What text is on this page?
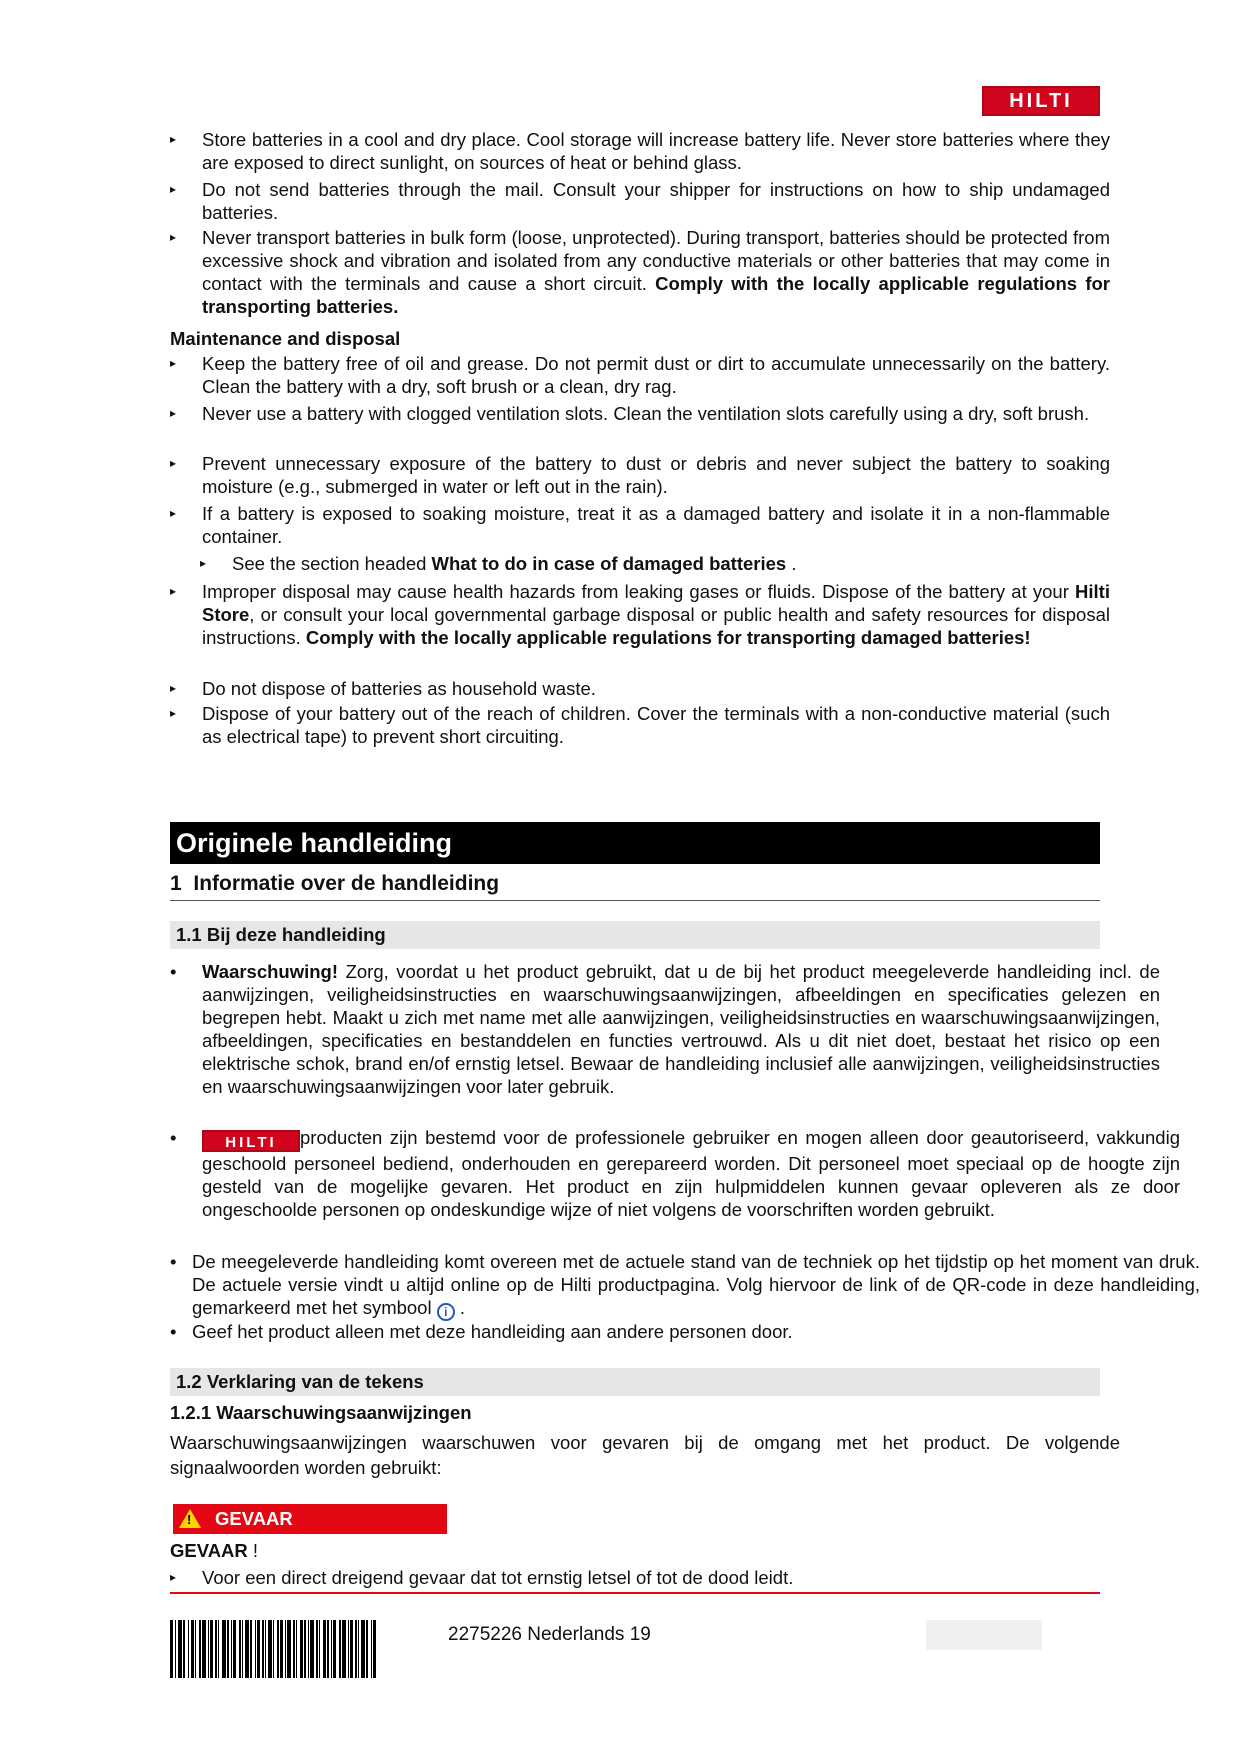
HILTI
▸ Store batteries in a cool and dry place. Cool storage will increase battery life. Never store batteries where they are exposed to direct sunlight, on sources of heat or behind glass.
▸ Do not send batteries through the mail. Consult your shipper for instructions on how to ship undamaged batteries.
▸ Never transport batteries in bulk form (loose, unprotected). During transport, batteries should be protected from excessive shock and vibration and isolated from any conductive materials or other batteries that may come in contact with the terminals and cause a short circuit. Comply with the locally applicable regulations for transporting batteries.
Maintenance and disposal
▸ Keep the battery free of oil and grease. Do not permit dust or dirt to accumulate unnecessarily on the battery. Clean the battery with a dry, soft brush or a clean, dry rag.
▸ Never use a battery with clogged ventilation slots. Clean the ventilation slots carefully using a dry, soft brush.
▸ Prevent unnecessary exposure of the battery to dust or debris and never subject the battery to soaking moisture (e.g., submerged in water or left out in the rain).
▸ If a battery is exposed to soaking moisture, treat it as a damaged battery and isolate it in a non-flammable container.
▸ See the section headed What to do in case of damaged batteries .
▸ Improper disposal may cause health hazards from leaking gases or fluids. Dispose of the battery at your Hilti Store, or consult your local governmental garbage disposal or public health and safety resources for disposal instructions. Comply with the locally applicable regulations for transporting damaged batteries!
▸ Do not dispose of batteries as household waste.
▸ Dispose of your battery out of the reach of children. Cover the terminals with a non-conductive material (such as electrical tape) to prevent short circuiting.
Originele handleiding
1 Informatie over de handleiding
1.1 Bij deze handleiding
• Waarschuwing! Zorg, voordat u het product gebruikt, dat u de bij het product meegeleverde handleiding incl. de aanwijzingen, veiligheidsinstructies en waarschuwingsaanwijzingen, afbeeldingen en specificaties gelezen en begrepen hebt. Maakt u zich met name met alle aanwijzingen, veiligheidsinstructies en waarschuwingsaanwijzingen, afbeeldingen, specificaties en bestanddelen en functies vertrouwd. Als u dit niet doet, bestaat het risico op een elektrische schok, brand en/of ernstig letsel. Bewaar de handleiding inclusief alle aanwijzingen, veiligheidsinstructies en waarschuwingsaanwijzingen voor later gebruik.
•	HILTI producten zijn bestemd voor de professionele gebruiker en mogen alleen door geautoriseerd, vakkundig geschoold personeel bediend, onderhouden en gerepareerd worden. Dit personeel moet speciaal op de hoogte zijn gesteld van de mogelijke gevaren. Het product en zijn hulpmiddelen kunnen gevaar opleveren als ze door ongeschoolde personen op ondeskundige wijze of niet volgens de voorschriften worden gebruikt.
• De meegeleverde handleiding komt overeen met de actuele stand van de techniek op het tijdstip op het moment van druk. De actuele versie vindt u altijd online op de Hilti productpagina. Volg hiervoor de link of de QR-code in deze handleiding, gemarkeerd met het symbool i .
• Geef het product alleen met deze handleiding aan andere personen door.
1.2 Verklaring van de tekens
1.2.1 Waarschuwingsaanwijzingen
Waarschuwingsaanwijzingen waarschuwen voor gevaren bij de omgang met het product. De volgende signaalwoorden worden gebruikt:
! GEVAAR
GEVAAR !
▸ Voor een direct dreigend gevaar dat tot ernstig letsel of tot de dood leidt.
2275226 Nederlands 19
